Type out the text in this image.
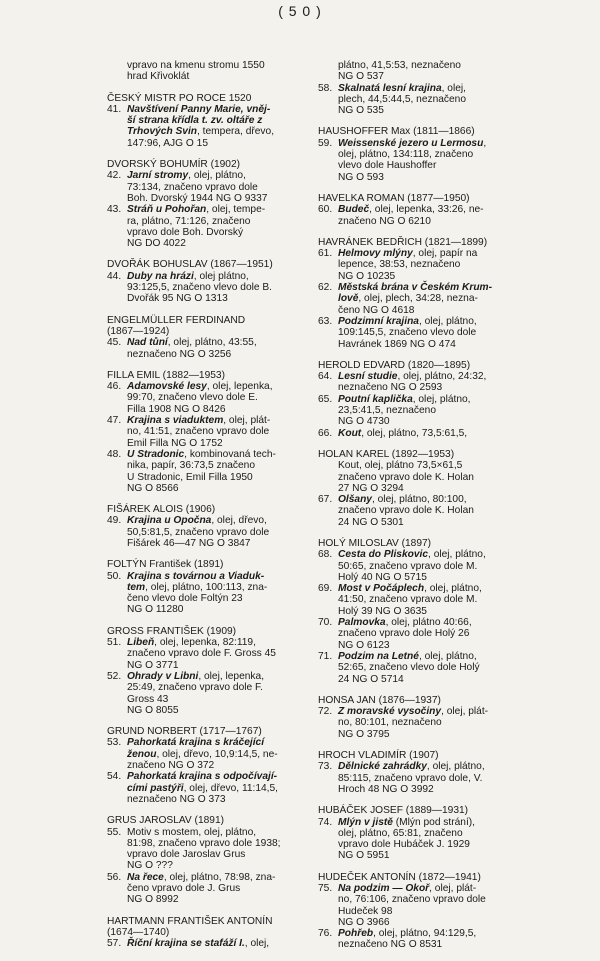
( 5 0 )
vpravo na kmenu stromu 1550
hrad Křivoklát
ČESKÝ MISTR PO ROCE 1520
41. Navštívení Panny Marie, vněj-
ší strana křídla t. zv. oltáře z
Trhových Svin, tempera, dřevo,
147:96, AJG O 15
DVORSKÝ BOHUMÍR (1902)
42. Jarní stromy, olej, plátno,
73:134, značeno vpravo dole
Boh. Dvorský 1944 NG O 9337
43. Stráň u Pohořan, olej, tempe-
ra, plátno, 71:126, značeno
vpravo dole Boh. Dvorský
NG DO 4022
DVOŘÁK BOHUSLAV (1867—1951)
44. Duby na hrázi, olej plátno,
93:125,5, značeno vlevo dole B.
Dvořák 95 NG O 1313
ENGELMÜLLER FERDINAND
(1867—1924)
45. Nad tůní, olej, plátno, 43:55,
neznačeno NG O 3256
FILLA EMIL (1882—1953)
46. Adamovské lesy, olej, lepenka,
99:70, značeno vlevo dole E.
Filla 1908 NG O 8426
47. Krajina s viaduktem, olej, plát-
no, 41:51, značeno vpravo dole
Emil Filla NG O 1752
48. U Stradonic, kombinovaná tech-
nika, papír, 36:73,5 značeno
U Stradonic, Emil Filla 1950
NG O 8566
FIŠÁREK ALOIS (1906)
49. Krajina u Opočna, olej, dřevo,
50,5:81,5, značeno vpravo dole
Fišárek 46—47 NG O 3847
FOLTÝN František (1891)
50. Krajina s továrnou a Viaduk-
tem, olej, plátno, 100:113, zna-
čeno vlevo dole Foltýn 23
NG O 11280
GROSS FRANTIŠEK (1909)
51. Libeň, olej, lepenka, 82:119,
značeno vpravo dole F. Gross 45
NG O 3771
52. Ohrady v Libni, olej, lepenka,
25:49, značeno vpravo dole F.
Gross 43
NG O 8055
GRUND NORBERT (1717—1767)
53. Pahorkatá krajina s kráčející
ženou, olej, dřevo, 10,9:14,5, ne-
značeno NG O 372
54. Pahorkatá krajina s odpočívají-
cími pastýři, olej, dřevo, 11:14,5,
neznačeno NG O 373
GRUS JAROSLAV (1891)
55. Motiv s mostem, olej, plátno,
81:98, značeno vpravo dole 1938;
vpravo dole Jaroslav Grus
NG O ???
56. Na řece, olej, plátno, 78:98, zna-
čeno vpravo dole J. Grus
NG O 8992
HARTMANN FRANTIŠEK ANTONÍN
(1674—1740)
57. Říční krajina se stafáží I., olej,
plátno, 41,5:53, neznačeno
NG O 537
58. Skalnatá lesní krajina, olej,
plech, 44,5:44,5, neznačeno
NG O 535
HAUSHOFFER Max (1811—1866)
59. Weissenské jezero u Lermosu,
olej, plátno, 134:118, značeno
vlevo dole Haushoffer
NG O 593
HAVELKA ROMAN (1877—1950)
60. Budeč, olej, lepenka, 33:26, ne-
značeno NG O 6210
HAVRÁNEK BEDŘICH (1821—1899)
61. Helmovy mlýny, olej, papír na
lepence, 38:53, neznačeno
NG O 10235
62. Městská brána v Českém Krum-
lově, olej, plech, 34:28, nezna-
čeno NG O 4618
63. Podzimní krajina, olej, plátno,
109:145,5, značeno vlevo dole
Havránek 1869 NG O 474
HEROLD EDVARD (1820—1895)
64. Lesní studie, olej, plátno, 24:32,
neznačeno NG O 2593
65. Poutní kaplička, olej, plátno,
23,5:41,5, neznačeno
NG O 4730
66. Kout, olej, plátno, 73,5:61,5,
HOLAN KAREL (1892—1953)
Kout, olej, plátno 73,5×61,5
značeno vpravo dole K. Holan
27 NG O 3294
67. Olšany, olej, plátno, 80:100,
značeno vpravo dole K. Holan
24 NG O 5301
HOLÝ MILOSLAV (1897)
68. Cesta do Pliskovic, olej, plátno,
50:65, značeno vpravo dole M.
Holý 40 NG O 5715
69. Most v Počáplech, olej, plátno,
41:50, značeno vpravo dole M.
Holý 39 NG O 3635
70. Palmovka, olej, plátno 40:66,
značeno vpravo dole Holý 26
NG O 6123
71. Podzim na Letné, olej, plátno,
52:65, značeno vlevo dole Holý
24 NG O 5714
HONSA JAN (1876—1937)
72. Z moravské vysočiny, olej, plát-
no, 80:101, neznačeno
NG O 3795
HROCH VLADIMÍR (1907)
73. Dělnické zahrádky, olej, plátno,
85:115, značeno vpravo dole, V.
Hroch 48 NG O 3992
HUBÁČEK JOSEF (1889—1931)
74. Mlýn v jistě (Mlýn pod strání),
olej, plátno, 65:81, značeno
vpravo dole Hubáček J. 1929
NG O 5951
HUDEČEK ANTONÍN (1872—1941)
75. Na podzim — Okoř, olej, plát-
no, 76:106, značeno vpravo dole
Hudeček 98
NG O 3966
76. Pohřeb, olej, plátno, 94:129,5,
neznačeno NG O 8531
